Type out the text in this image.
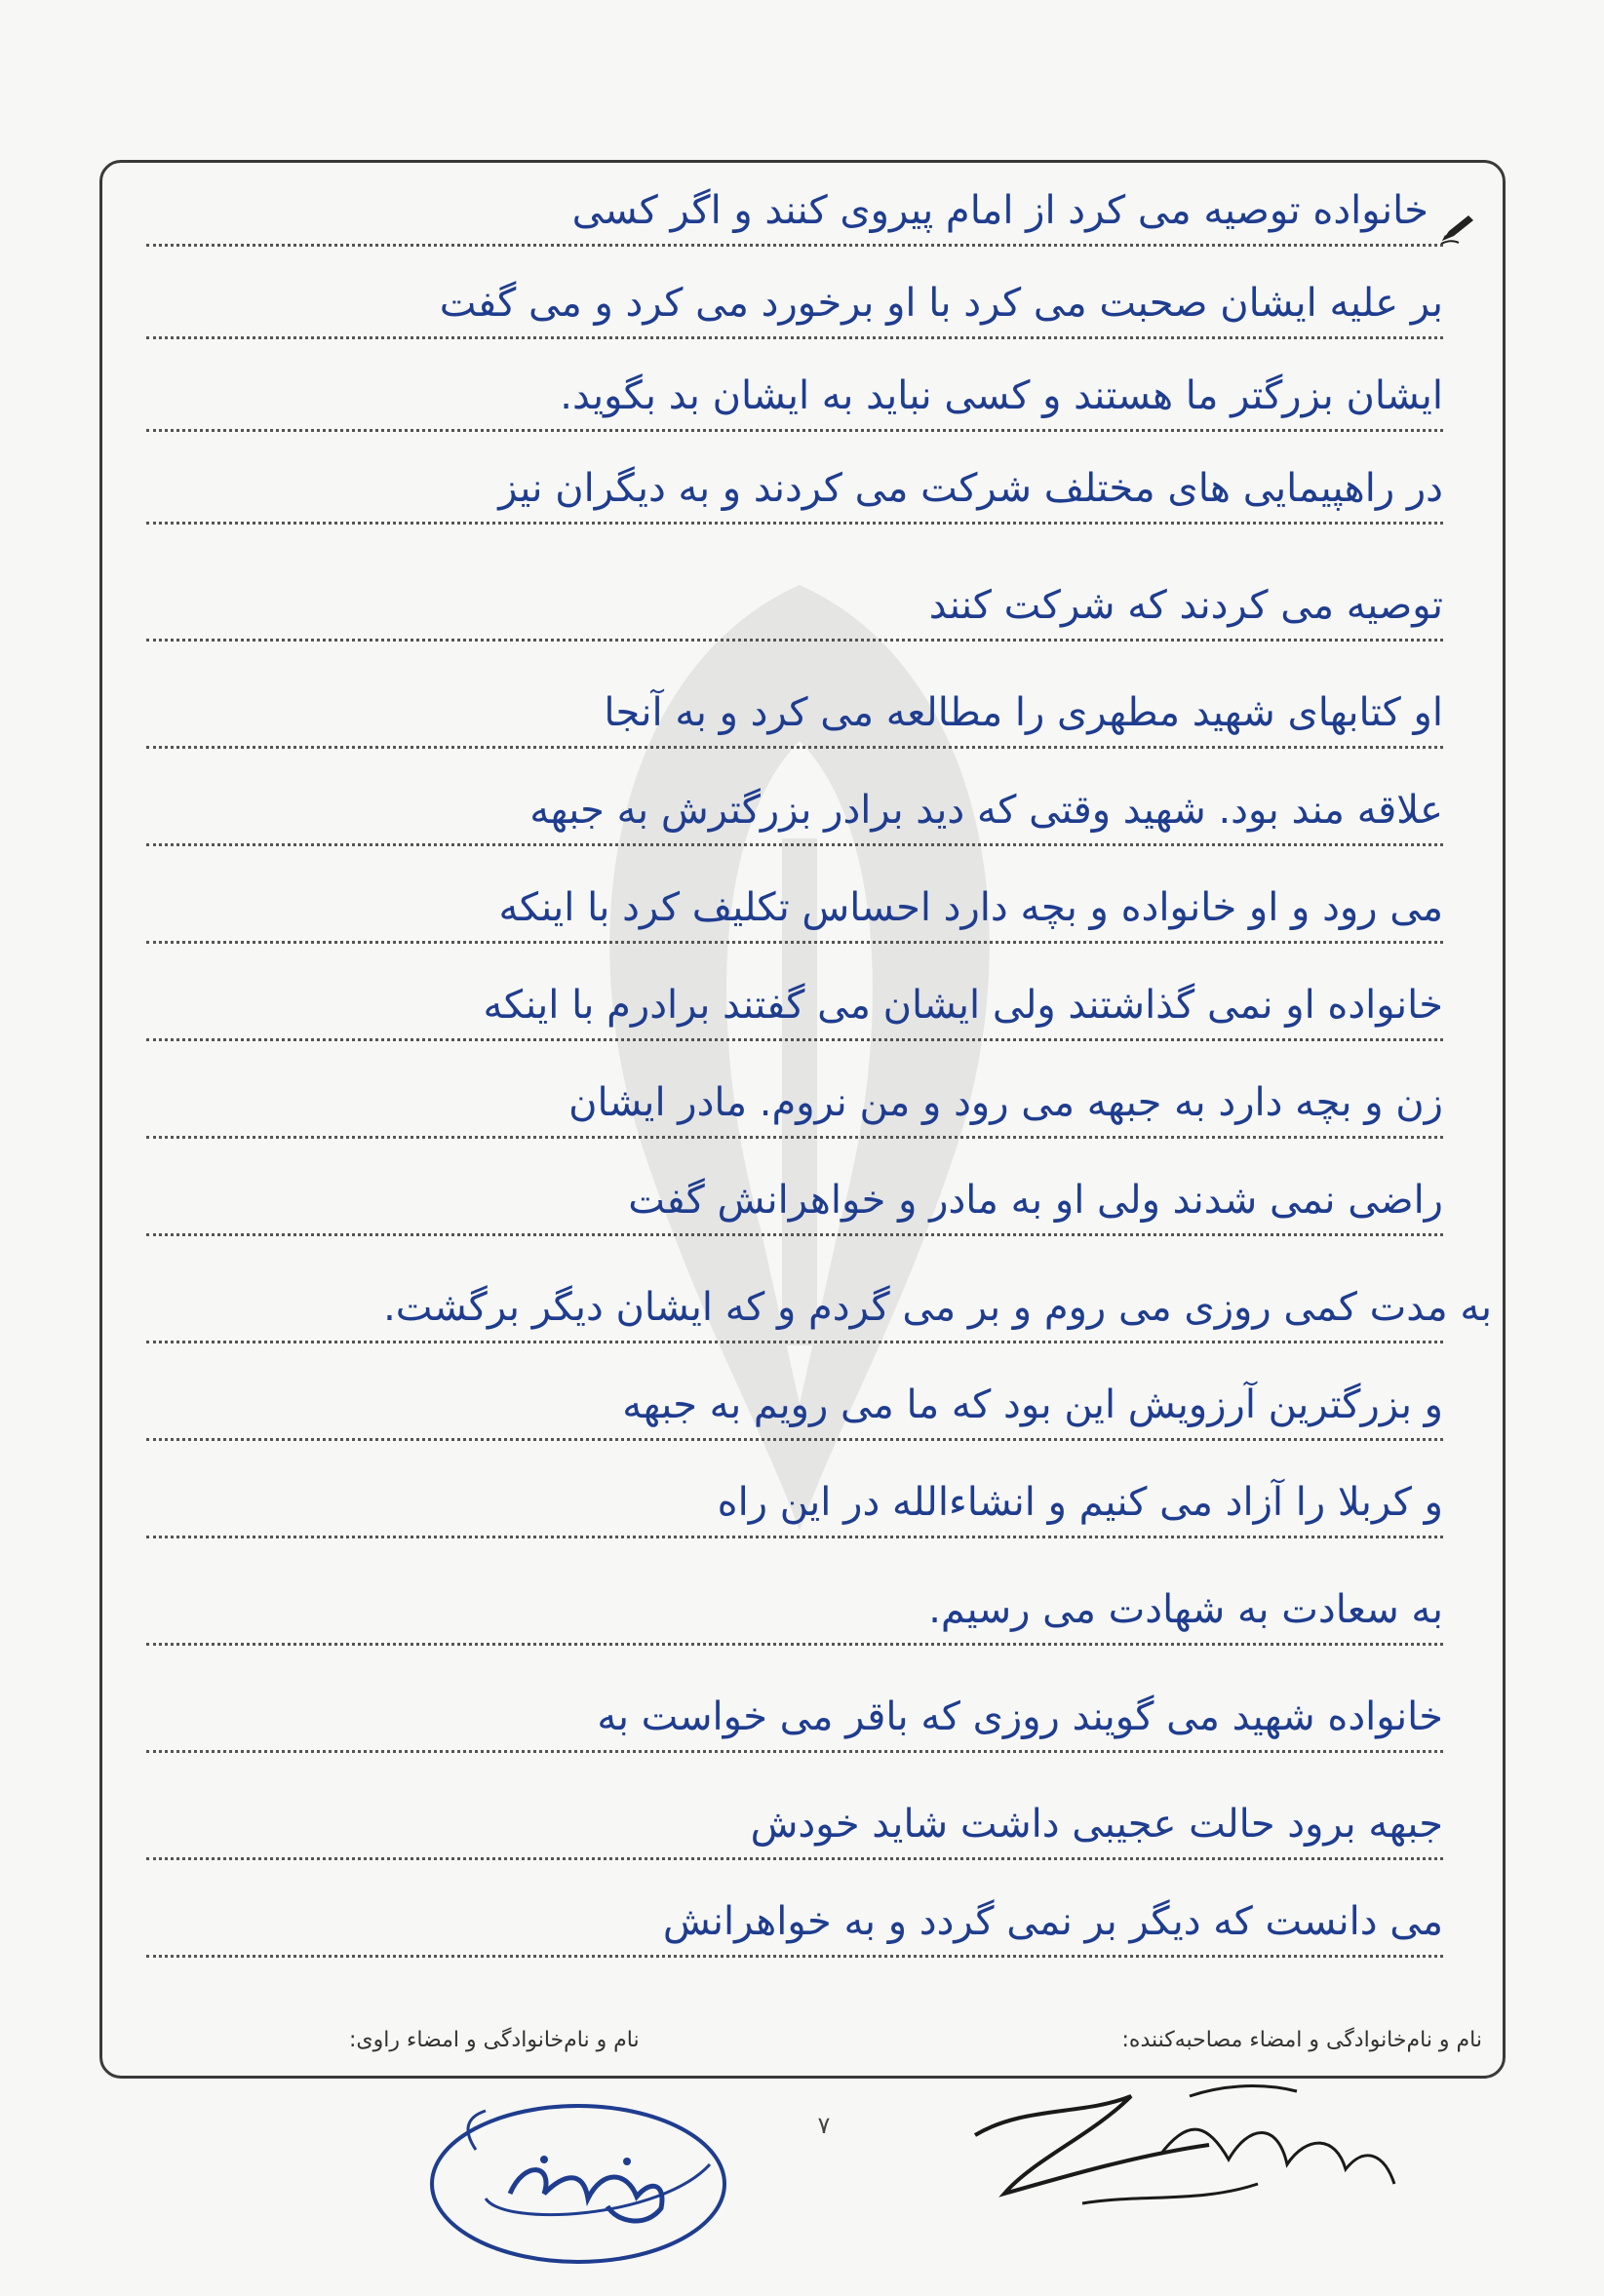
خانواده توصیه می کرد از امام پیروی کنند و اگر کسی
بر علیه ایشان صحبت می کرد با او برخورد می کرد و می گفت
ایشان بزرگتر ما هستند و کسی نباید به ایشان بد بگوید.
در راهپیمایی های مختلف شرکت می کردند و به دیگران نیز
توصیه می کردند که شرکت کنند
او کتابهای شهید مطهری را مطالعه می کرد و به آنجا
علاقه مند بود. شهید وقتی که دید برادر بزرگترش به جبهه
می رود و او خانواده و بچه دارد احساس تکلیف کرد با اینکه
خانواده او نمی گذاشتند ولی ایشان می گفتند برادرم با اینکه
زن و بچه دارد به جبهه می رود و من نروم. مادر ایشان
راضی نمی شدند ولی او به مادر و خواهرانش گفت
به مدت کمی روزی می روم و بر می گردم و که ایشان دیگر برگشت.
و بزرگترین آرزویش این بود که ما می رویم به جبهه
و کربلا را آزاد می کنیم و انشاءالله در این راه
به سعادت به شهادت می رسیم.
خانواده شهید می گویند روزی که باقر می خواست به
جبهه برود حالت عجیبی داشت شاید خودش
می دانست که دیگر بر نمی گردد و به خواهرانش
نام و نام‌خانوادگی و امضاء مصاحبه‌کننده:
نام و نام‌خانوادگی و امضاء راوی:
۷
